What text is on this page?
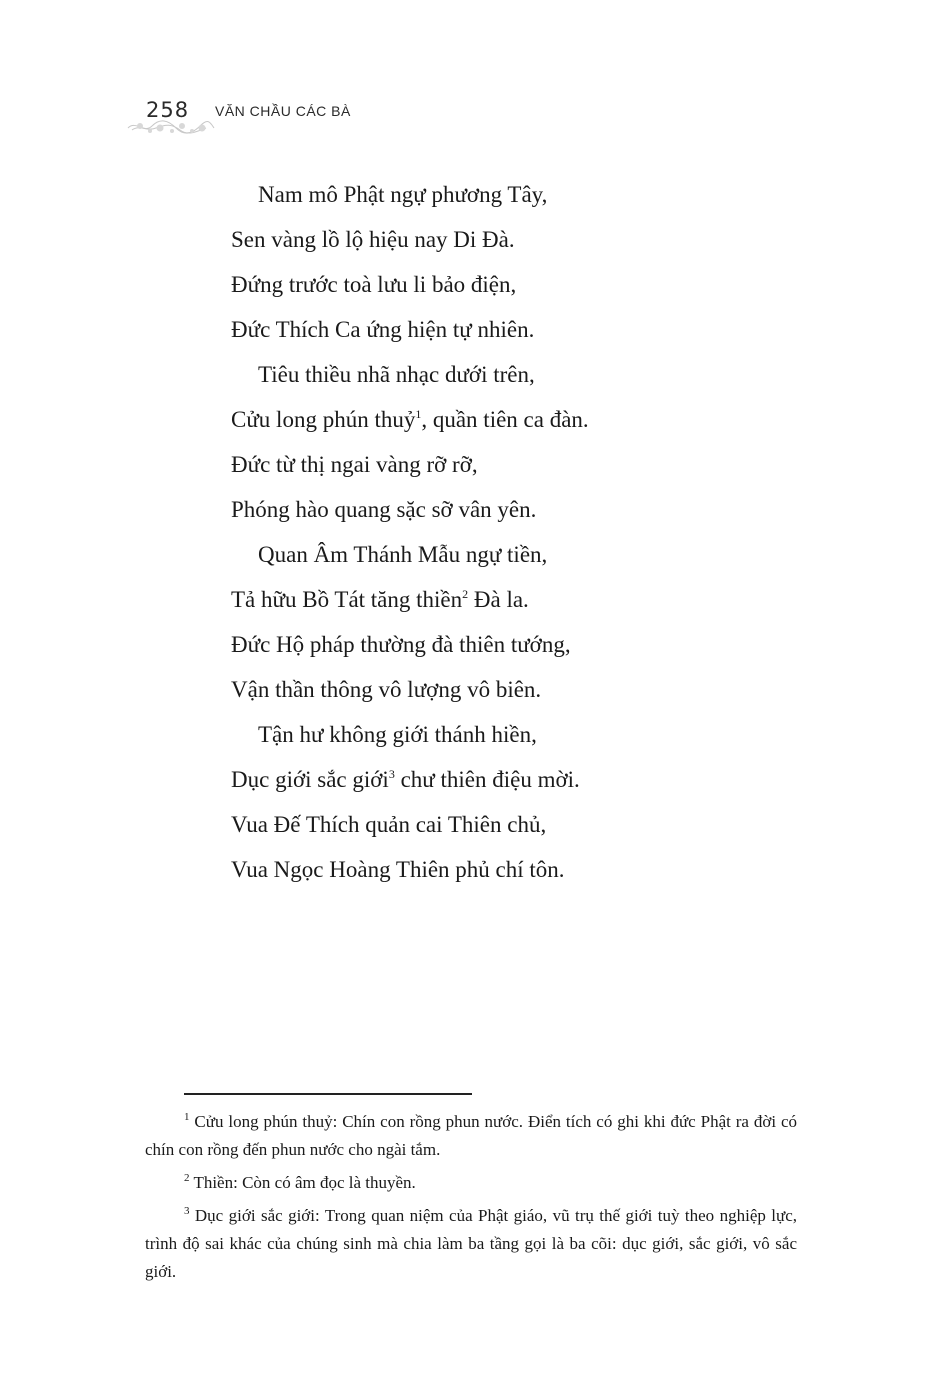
258 VĂN CHẦU CÁC BÀ
Nam mô Phật ngự phương Tây,
Sen vàng lồ lộ hiệu nay Di Đà.
Đứng trước toà lưu li bảo điện,
Đức Thích Ca ứng hiện tự nhiên.
Tiêu thiều nhã nhạc dưới trên,
Cửu long phún thuỷ$^1$, quần tiên ca đàn.
Đức từ thị ngai vàng rỡ rỡ,
Phóng hào quang sặc sỡ vân yên.
Quan Âm Thánh Mẫu ngự tiền,
Tả hữu Bồ Tát tăng thiền$^2$ Đà la.
Đức Hộ pháp thường đà thiên tướng,
Vận thần thông vô lượng vô biên.
Tận hư không giới thánh hiền,
Dục giới sắc giới$^3$ chư thiên điệu mời.
Vua Đế Thích quản cai Thiên chủ,
Vua Ngọc Hoàng Thiên phủ chí tôn.
$^1$ Cửu long phún thuỷ: Chín con rồng phun nước. Điển tích có ghi khi đức Phật ra đời có chín con rồng đến phun nước cho ngài tắm.
$^2$ Thiền: Còn có âm đọc là thuyền.
$^3$ Dục giới sắc giới: Trong quan niệm của Phật giáo, vũ trụ thế giới tuỳ theo nghiệp lực, trình độ sai khác của chúng sinh mà chia làm ba tầng gọi là ba cõi: dục giới, sắc giới, vô sắc giới.
